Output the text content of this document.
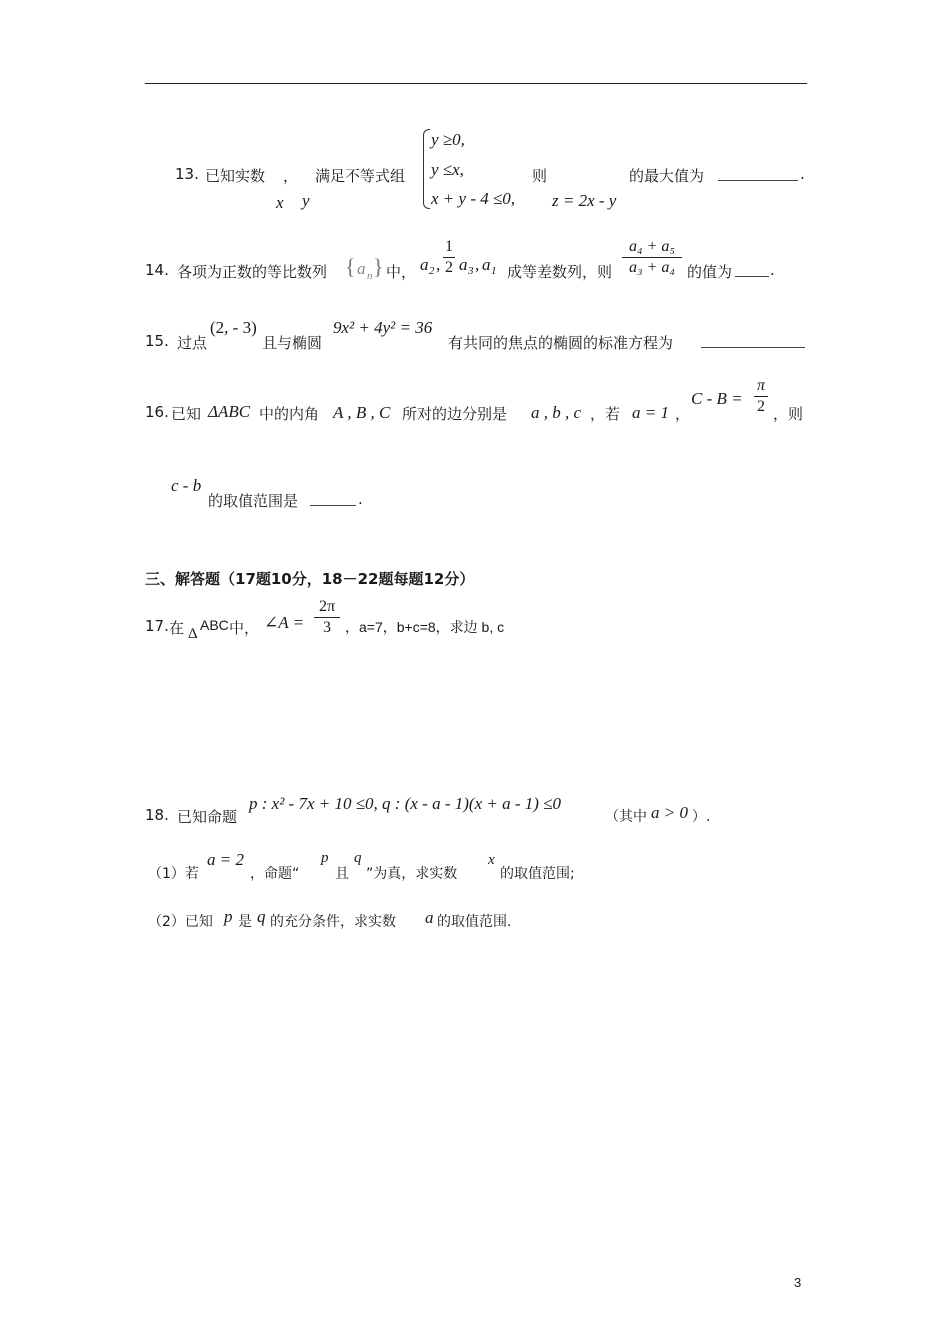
13. 已知实数 ， 满足不等式组
x y
y ≥0,
y ≤x,
x + y - 4 ≤0,
则
z = 2x - y
的最大值为	.
14. 各项为正数的等比数列 { a n } 中， a 2 ,
1
2 a 3 , a 1 成等差数列，则
a₄ + a₅
a₃ + a₄ 的值为	.
15. 过点
(2, - 3)
且与椭圆
9x² + 4y² = 36
有共同的焦点的椭圆的标准方程为
16. 已知 ΔABC 中的内角 A , B , C 所对的边分别是 a , b , c ，若 a = 1 ，
C - B =
π
2 ，则
c - b
的取值范围是	.
三、解答题（17题10分，18－22题每题12分）
17. 在 Δ
ABC 中， ∠A =
2π
3	，a=7，b+c=8，求边 b, c
18. 已知命题
p : x² - 7x + 10 ≤0, q : (x - a - 1)(x + a - 1) ≤0
（其中 a > 0 ）.
（1）若
a = 2
，命题“
p
且
q
”为真，求实数
x
的取值范围;
（2）已知 p 是 q 的充分条件，求实数 a 的取值范围.
3
